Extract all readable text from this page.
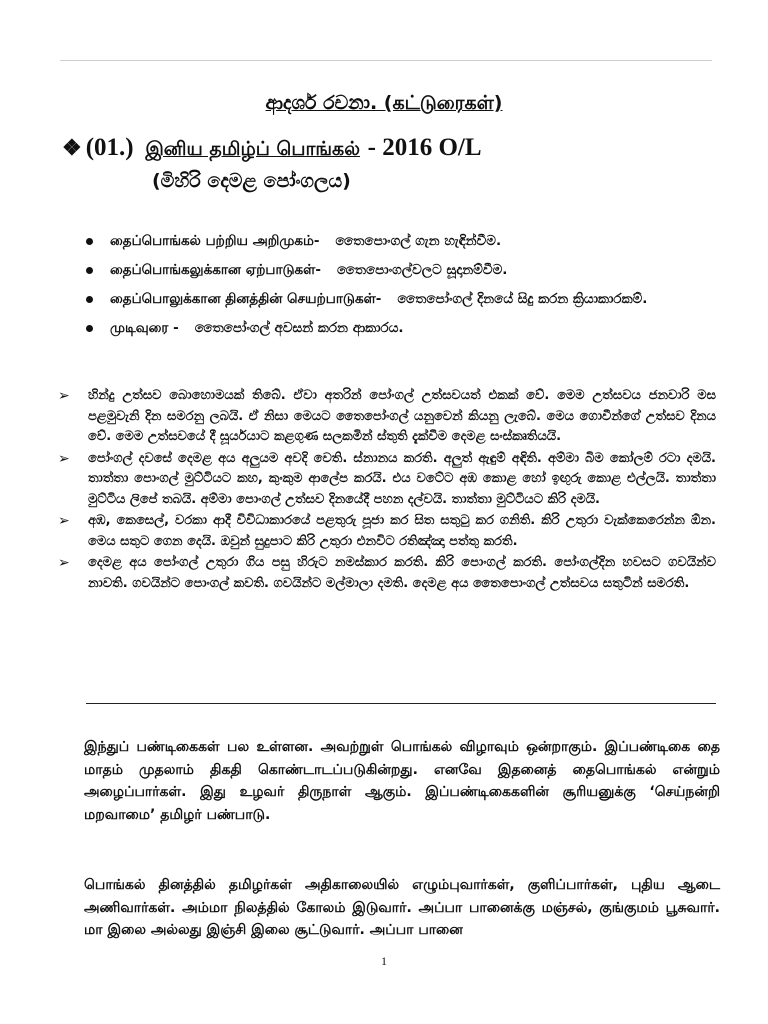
ආදර්ශ රචනා. (கட்டுரைகள்)
❖ (01.) இனிய தமிழ்ப் பொங்கல் - 2016 O/L
(මිහිරි දෙමළ පෝංගලය)
தைப்பொங்கல் பற்றிய அறிமுகம்- තෛපොංගල් ගැන හැඳින්වීම.
தைப்பொங்கலுக்கான ஏற்பாடுகள்- තෛපොංගල්වලට සූදානම්වීම.
தைப்பொலுக்கான தினத்தின் செயற்பாடுகள்- තෛපෝංගල් දිනයේ සිදු කරන ක්‍රියාකාරකම්.
முடிவுரை - තෛපෝංගල් අවසන් කරන ආකාරය.
➢ හින්දු උත්සව බොහොමයක් තිබේ. ඒවා අතරින් පෝංගල් උත්සවයත් එකක් වේ. මෙම උත්සවය ජනවාරි මස පළමුවැනි දින සමරනු ලබයි. ඒ නිසා මෙයට තෛපෝංගල් යනුවෙන් කියනු ලැබේ. මෙය ගොවීන්ගේ උත්සව දිනය වේ. මෙම උත්සවයේ දී සූර්යයාට කළගුණ සලකමින් ස්තුති දැක්වීම දෙමළ සංස්කෘතියයි.
➢ පෝංගල් දවසේ දෙමළ අය අලුයම අවදි වෙති. ස්නානය කරති. අලුත් ඇඳුම් අඳිති. අම්මා බිම කෝලම් රටා දමයි. තාත්තා පොංගල් මුට්ටියට කහ, කුංකුම ආලේප කරයි. එය වටේට අඹ කොළ හෝ ඉඟුරු කොළ එල්ලයි. තාත්තා මුට්ටිය ලිපේ තබයි. අම්මා පොංගල් උත්සව දිනයේදී පහන දල්වයි. තාත්තා මුට්ටියට කිරි දමයි.
➢ අඹ, කෙසෙල්, වරකා ආදී විවිධාකාරයේ පළතුරු පූජා කර සිත සතුටු කර ගනිති. කිරි උතුරා වැක්කෙරෙන්න ඕන. මෙය සතුට ගෙන දෙයි. ඔවුන් සුදුපාට කිරි උතුරා එනවිට රතිඤ්ඤා පත්තු කරති.
➢ දෙමළ අය පෝංගල් උතුරා ගිය පසු හිරුට නමස්කාර කරති. කිරි පොංගල් කරති. පෝංගල්දින හවසට ගවයින්ව නාවති. ගවයින්ට පොංගල් කවති. ගවයින්ට මල්මාලා දමති. දෙමළ අය තෛපොංගල් උත්සවය සතුටින් සමරති.
இந்துப் பண்டிகைகள் பல உள்ளன. அவற்றுள் பொங்கல் விழாவும் ஒன்றாகும். இப்பண்டிகை தை மாதம் முதலாம் திகதி கொண்டாடப்படுகின்றது. எனவே இதனைத் தைபொங்கல் என்றும் அழைப்பார்கள். இது உழவர் திருநாள் ஆகும். இப்பண்டிகைகளின் சூரியனுக்கு ‘செய்நன்றி மறவாமை’ தமிழர் பண்பாடு.
பொங்கல் தினத்தில் தமிழர்கள் அதிகாலையில் எழும்புவார்கள், குளிப்பார்கள், புதிய ஆடை அணிவார்கள். அம்மா நிலத்தில் கோலம் இடுவார். அப்பா பானைக்கு மஞ்சல், குங்குமம் பூசுவார். மா இலை அல்லது இஞ்சி இலை சூட்டுவார். அப்பா பானை
1
